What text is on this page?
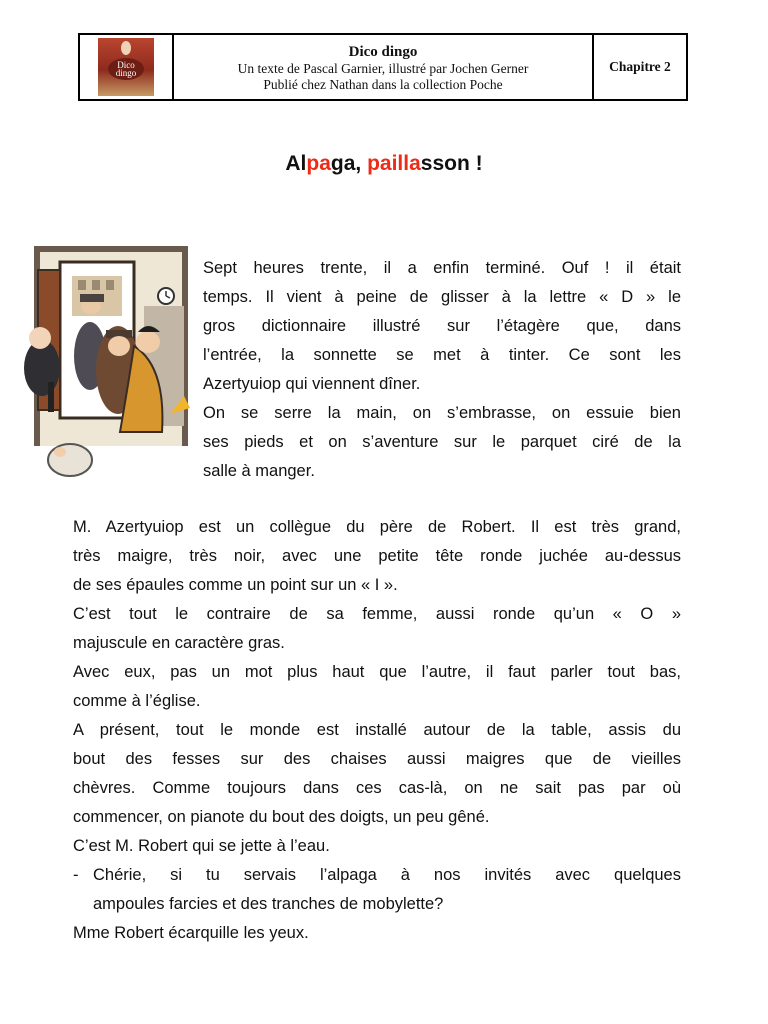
Dico
dingo
Dico dingo
Un texte de Pascal Garnier, illustré par Jochen Gerner
Publié chez Nathan dans la collection Poche
Chapitre 2
Alpaga, paillasson !
Sept heures trente, il a enfin terminé. Ouf ! il était
temps. Il vient à peine de glisser à la lettre « D » le
gros dictionnaire illustré sur l’étagère que, dans
l’entrée, la sonnette se met à tinter. Ce sont les
Azertyuiop qui viennent dîner.
On se serre la main, on s’embrasse, on essuie bien
ses pieds et on s’aventure sur le parquet ciré de la
salle à manger.
M. Azertyuiop est un collègue du père de Robert. Il est très grand,
très maigre, très noir, avec une petite tête ronde juchée au-dessus
de ses épaules comme un point sur un « I ».
C’est tout le contraire de sa femme, aussi ronde qu’un « O »
majuscule en caractère gras.
Avec eux, pas un mot plus haut que l’autre, il faut parler tout bas,
comme à l’église.
A présent, tout le monde est installé autour de la table, assis du
bout des fesses sur des chaises aussi maigres que de vieilles
chèvres. Comme toujours dans ces cas-là, on ne sait pas par où
commencer, on pianote du bout des doigts, un peu gêné.
C’est M. Robert qui se jette à l’eau.
- Chérie, si tu servais l’alpaga à nos invités avec quelques
ampoules farcies et des tranches de mobylette?
Mme Robert écarquille les yeux.
